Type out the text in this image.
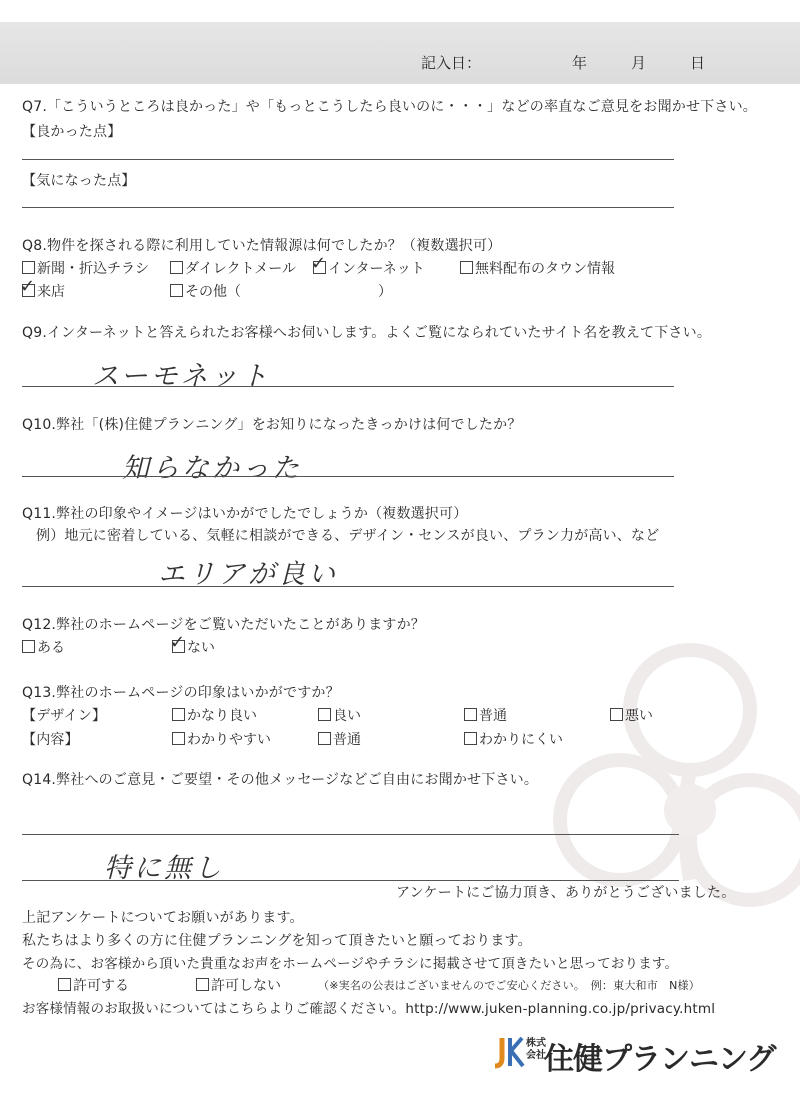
記入日：	年	月	日
Q7.「こういうところは良かった」や「もっとこうしたら良いのに・・・」などの率直なご意見をお聞かせ下さい。
【良かった点】
【気になった点】
Q8.物件を探される際に利用していた情報源は何でしたか？（複数選択可）
新聞・折込チラシ	ダイレクトメール ✓ インターネット	無料配布のタウン情報
✓ 来店	その他（	）
Q9.インターネットと答えられたお客様へお伺いします。よくご覧になられていたサイト名を教えて下さい。
スーモネット
Q10.弊社「(株)住健プランニング」をお知りになったきっかけは何でしたか？
知らなかった
Q11.弊社の印象やイメージはいかがでしたでしょうか（複数選択可）
例）地元に密着している、気軽に相談ができる、デザイン・センスが良い、プラン力が高い、など
エリアが良い
Q12.弊社のホームページをご覧いただいたことがありますか？
ある	✓ ない
Q13.弊社のホームページの印象はいかがですか？
【デザイン】	かなり良い	良い	普通	悪い
【内容】	わかりやすい	普通	わかりにくい
Q14.弊社へのご意見・ご要望・その他メッセージなどご自由にお聞かせ下さい。
特に無し
アンケートにご協力頂き、ありがとうございました。
上記アンケートについてお願いがあります。
私たちはより多くの方に住健プランニングを知って頂きたいと願っております。
その為に、お客様から頂いた貴重なお声をホームページやチラシに掲載させて頂きたいと思っております。
許可する	許可しない	（※実名の公表はございませんのでご安心ください。　例：東大和市　N様）
お客様情報のお取扱いについてはこちらよりご確認ください。http://www.juken-planning.co.jp/privacy.html
株式会社
住健プランニング
